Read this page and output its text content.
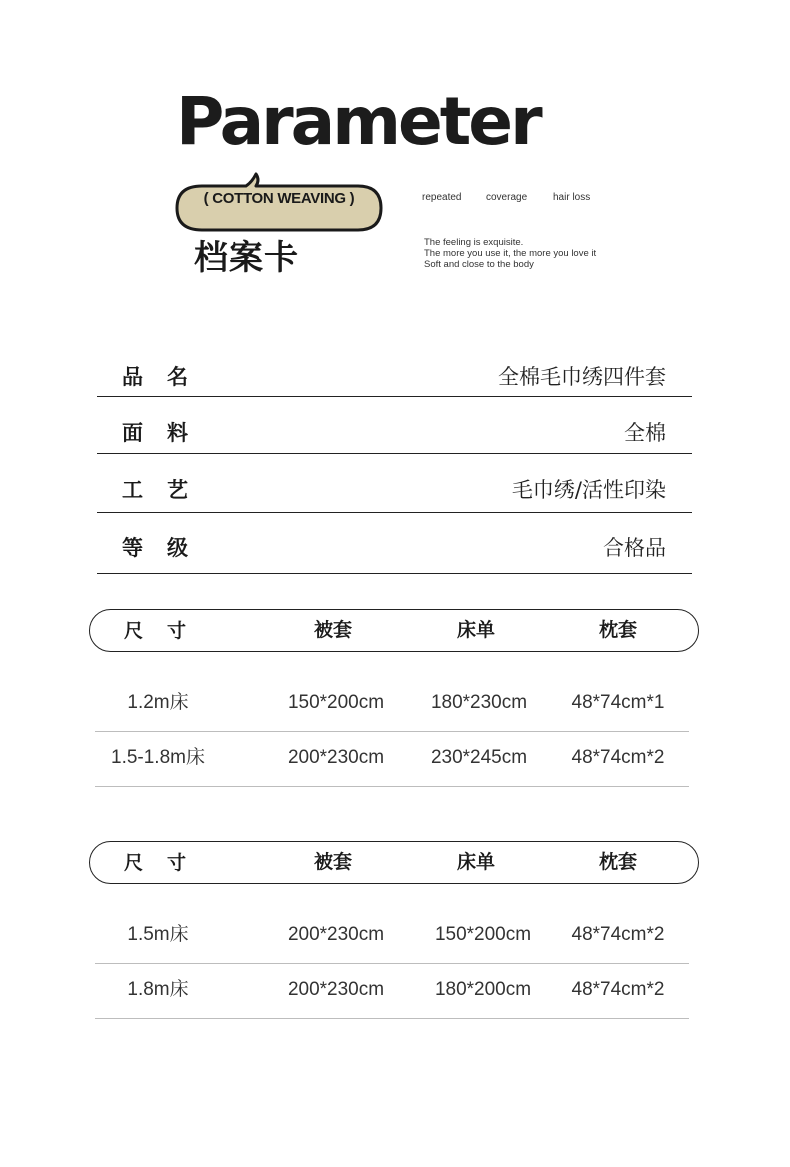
Parameter
( COTTON WEAVING )
档案卡
repeated coverage	hair loss
The feeling is exquisite.
The more you use it, the more you love it
Soft and close to the body
品 名	全棉毛巾绣四件套
面 料	全棉
工 艺	毛巾绣/活性印染
等 级	合格品
尺 寸	被套	床单	枕套
1.2m床	150*200cm	180*230cm	48*74cm*1
1.5-1.8m床	200*230cm	230*245cm	48*74cm*2
尺 寸	被套	床单	枕套
1.5m床	200*230cm	150*200cm	48*74cm*2
1.8m床	200*230cm	180*200cm	48*74cm*2
